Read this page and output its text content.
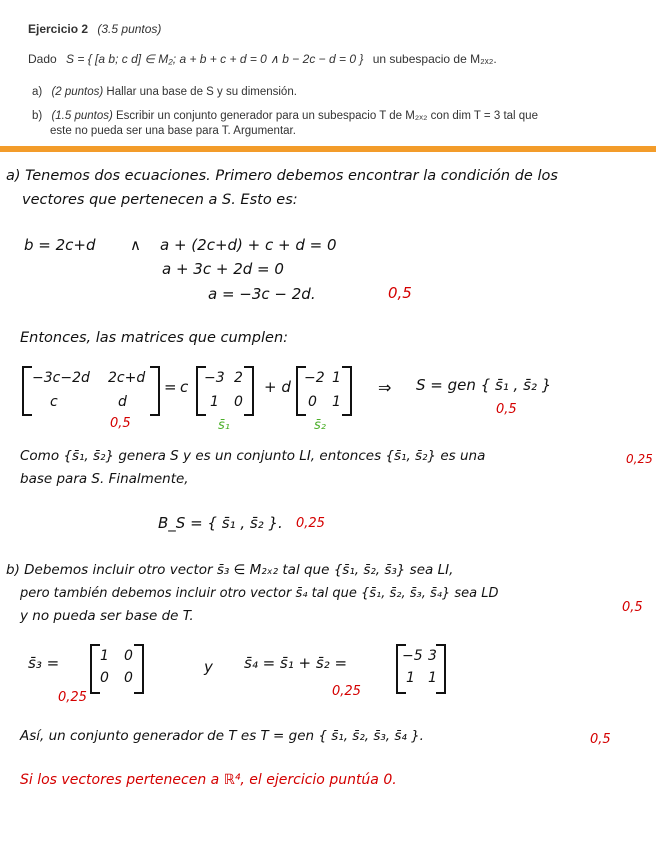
Ejercicio 2 (3.5 puntos)
Dado S = { [a b; c d] ∈ M₂; a + b + c + d = 0 ∧ b − 2c − d = 0 } un subespacio de M₂ₓ₂.
a) (2 puntos) Hallar una base de S y su dimensión.
b) (1.5 puntos) Escribir un conjunto generador para un subespacio T de M₂ₓ₂ con dim T = 3 tal que
este no pueda ser una base para T. Argumentar.
a) Tenemos dos ecuaciones. Primero debemos encontrar la condición de los
vectores que pertenecen a S. Esto es:
b = 2c+d ∧ a + (2c+d) + c + d = 0
a + 3c + 2d = 0
a = −3c − 2d.	0,5
Entonces, las matrices que cumplen:
−3c−2d 2c+d
c	d
0,5
= c −3 2
1 0
s̄₁
+ d −2 1
0 1
s̄₂
⇒ S = gen { s̄₁ , s̄₂ }
0,5
Como {s̄₁, s̄₂} genera S y es un conjunto LI, entonces {s̄₁, s̄₂} es una	0,25
base para S. Finalmente,
B_S = { s̄₁ , s̄₂ }. 0,25
b) Debemos incluir otro vector s̄₃ ∈ M₂ₓ₂ tal que {s̄₁, s̄₂, s̄₃} sea LI,
pero también debemos incluir otro vector s̄₄ tal que {s̄₁, s̄₂, s̄₃, s̄₄} sea LD
y no pueda ser base de T.
0,5
s̄₃ =	1 0
0 0
0,25
y s̄₄ = s̄₁ + s̄₂ =	−5 3
1 1
0,25
Así, un conjunto generador de T es T = gen { s̄₁, s̄₂, s̄₃, s̄₄ }.	0,5
Si los vectores pertenecen a ℝ⁴, el ejercicio puntúa 0.
